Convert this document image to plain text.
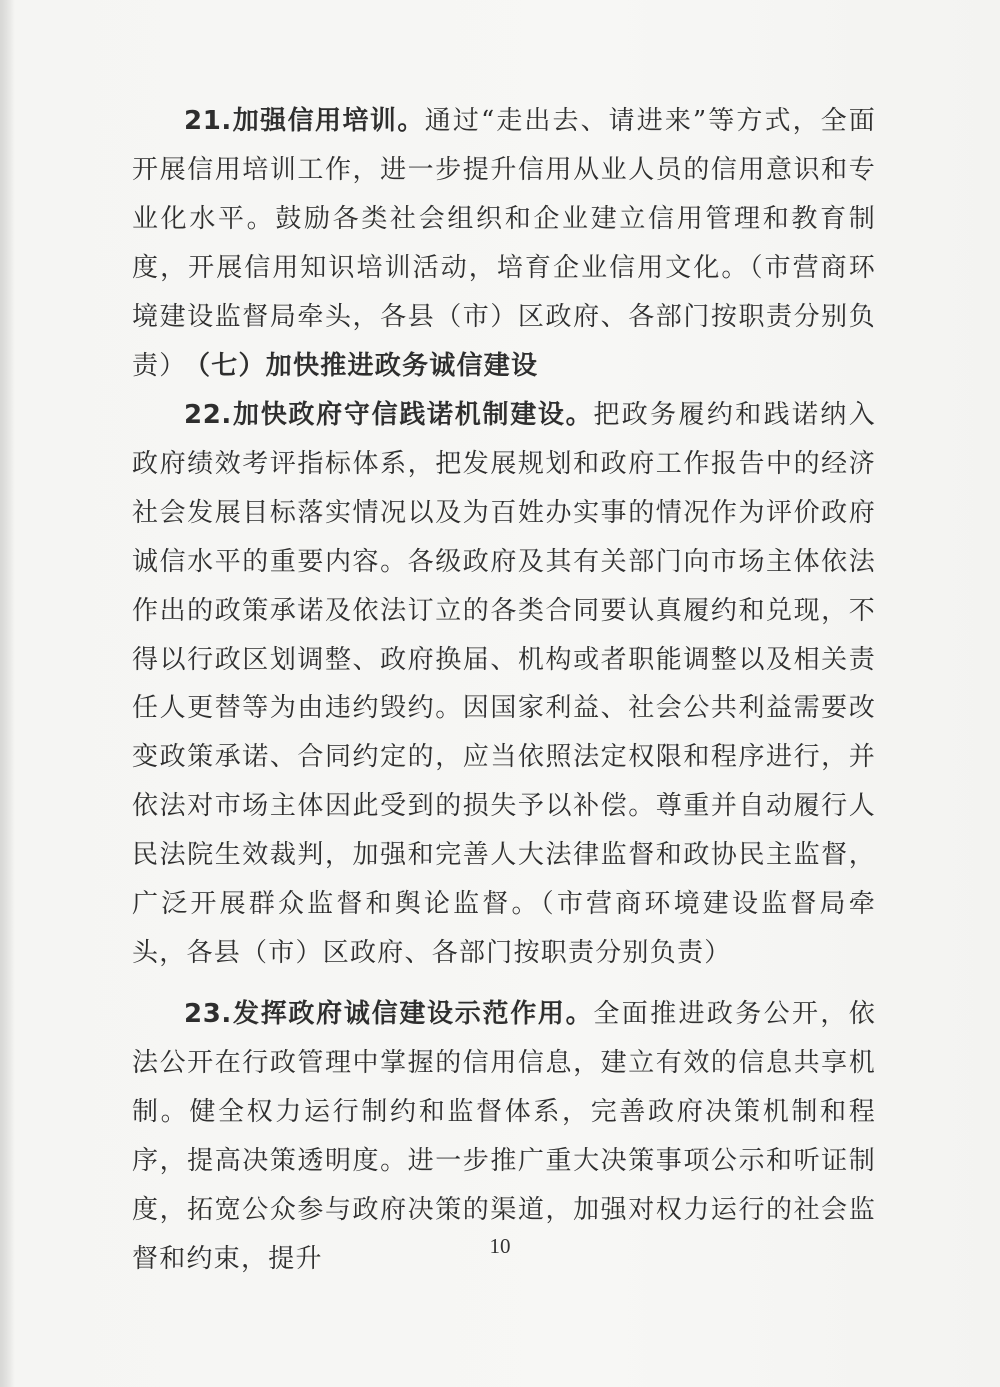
21.加强信用培训。通过“走出去、请进来”等方式，全面开展信用培训工作，进一步提升信用从业人员的信用意识和专业化水平。鼓励各类社会组织和企业建立信用管理和教育制度，开展信用知识培训活动，培育企业信用文化。（市营商环境建设监督局牵头，各县（市）区政府、各部门按职责分别负责）

（七）加快推进政务诚信建设

22.加快政府守信践诺机制建设。把政务履约和践诺纳入政府绩效考评指标体系，把发展规划和政府工作报告中的经济社会发展目标落实情况以及为百姓办实事的情况作为评价政府诚信水平的重要内容。各级政府及其有关部门向市场主体依法作出的政策承诺及依法订立的各类合同要认真履约和兑现，不得以行政区划调整、政府换届、机构或者职能调整以及相关责任人更替等为由违约毁约。因国家利益、社会公共利益需要改变政策承诺、合同约定的，应当依照法定权限和程序进行，并依法对市场主体因此受到的损失予以补偿。尊重并自动履行人民法院生效裁判，加强和完善人大法律监督和政协民主监督，广泛开展群众监督和舆论监督。（市营商环境建设监督局牵头，各县（市）区政府、各部门按职责分别负责）

23.发挥政府诚信建设示范作用。全面推进政务公开，依法公开在行政管理中掌握的信用信息，建立有效的信息共享机制。健全权力运行制约和监督体系，完善政府决策机制和程序，提高决策透明度。进一步推广重大决策事项公示和听证制度，拓宽公众参与政府决策的渠道，加强对权力运行的社会监督和约束，提升	10
